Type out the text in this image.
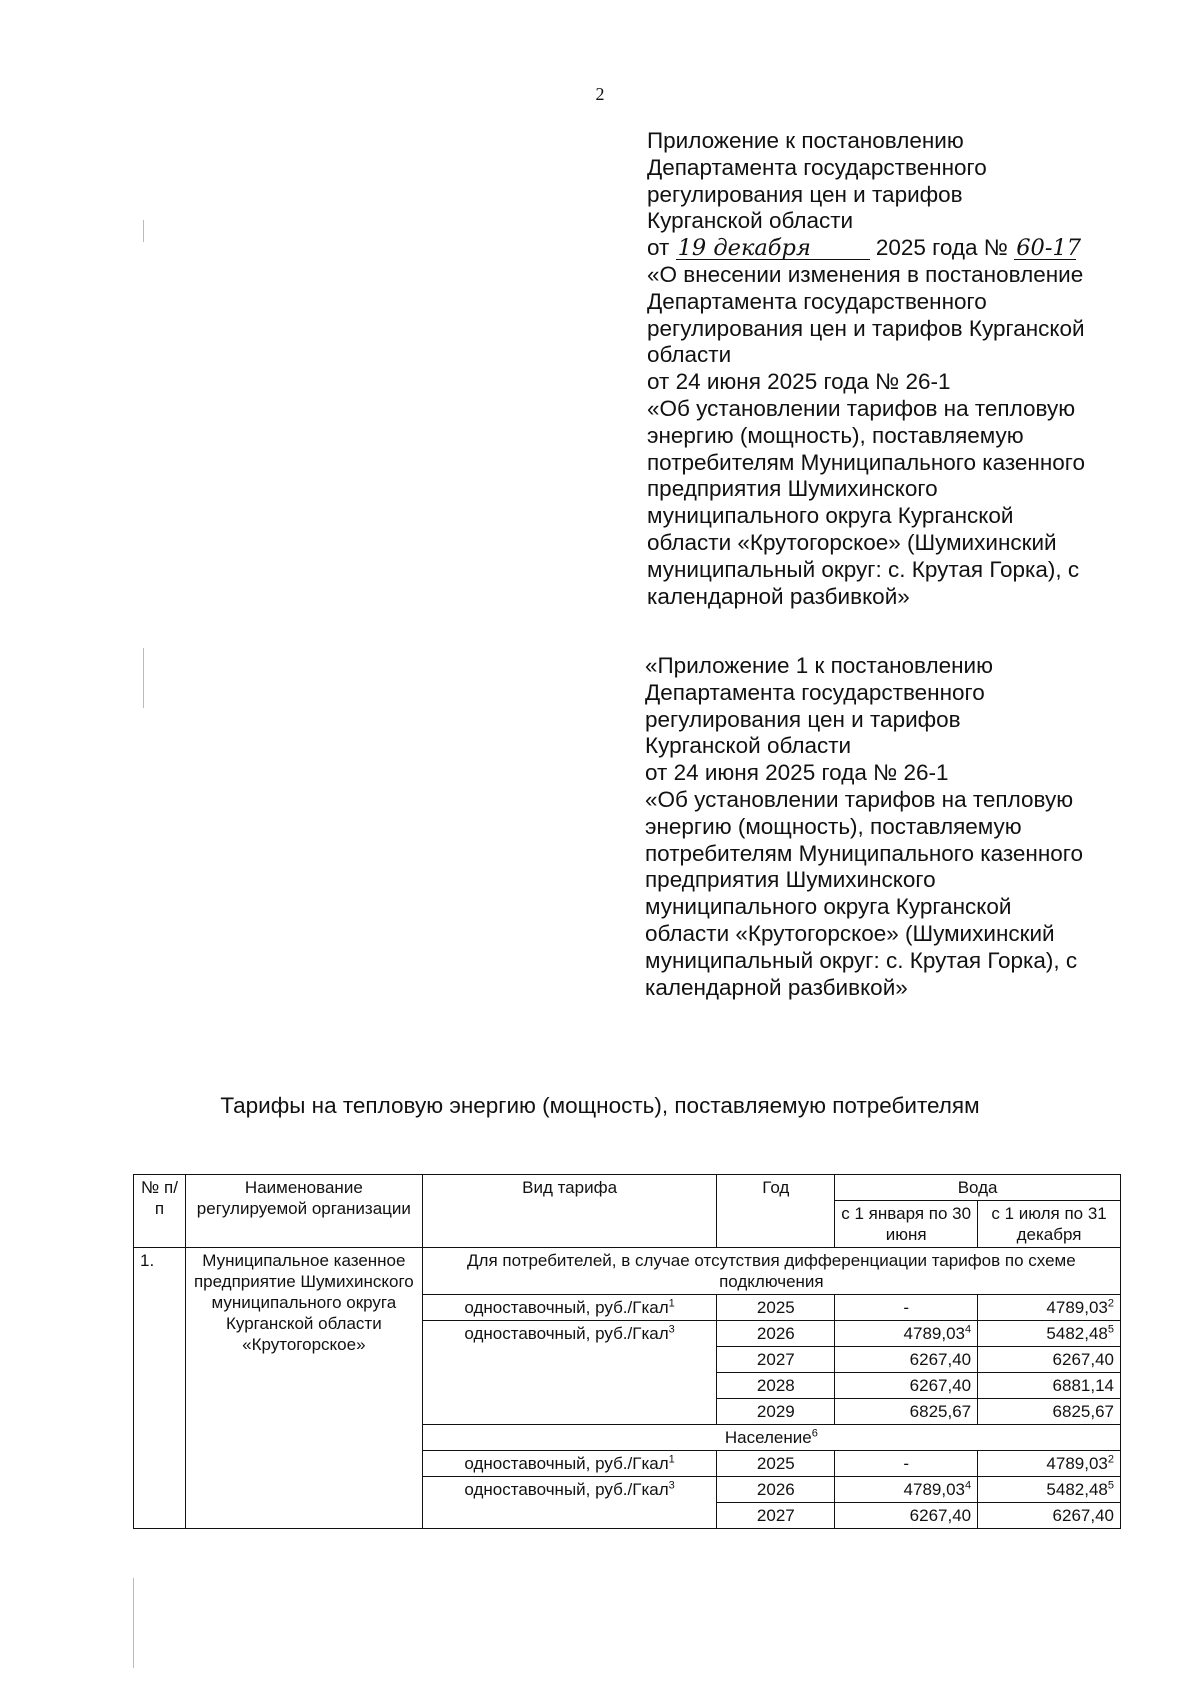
2
Приложение к постановлению
Департамента государственного
регулирования цен и тарифов
Курганской области
от 19 декабря	2025 года № 60-17
«О внесении изменения в постановление
Департамента государственного
регулирования цен и тарифов Курганской
области
от 24 июня 2025 года № 26-1
«Об установлении тарифов на тепловую
энергию (мощность), поставляемую
потребителям Муниципального казенного
предприятия Шумихинского
муниципального округа Курганской
области «Крутогорское» (Шумихинский
муниципальный округ: с. Крутая Горка), с
календарной разбивкой»
«Приложение 1 к постановлению
Департамента государственного
регулирования цен и тарифов
Курганской области
от 24 июня 2025 года № 26-1
«Об установлении тарифов на тепловую
энергию (мощность), поставляемую
потребителям Муниципального казенного
предприятия Шумихинского
муниципального округа Курганской
области «Крутогорское» (Шумихинский
муниципальный округ: с. Крутая Горка), с
календарной разбивкой»
Тарифы на тепловую энергию (мощность), поставляемую потребителям
№ п/п	Наименование регулируемой организации	Вид тарифа	Год	Вода	
				с 1 января по 30 июня	с 1 июля по 31 декабря
1.	Муниципальное казенное предприятие Шумихинского муниципального округа Курганской области «Крутогорское»	Для потребителей, в случае отсутствия дифференциации тарифов по схеме подключения			
		одноставочный, руб./Гкал$^1$	2025	-	4789,03$^2$
		одноставочный, руб./Гкал$^3$	2026	4789,03$^4$	5482,48$^5$
			2027	6267,40	6267,40
			2028	6267,40	6881,14
			2029	6825,67	6825,67
		Население$^6$
		одноставочный, руб./Гкал$^1$	2025	-	4789,03$^2$
		одноставочный, руб./Гкал$^3$	2026	4789,03$^4$	5482,48$^5$
			2027	6267,40	6267,40
